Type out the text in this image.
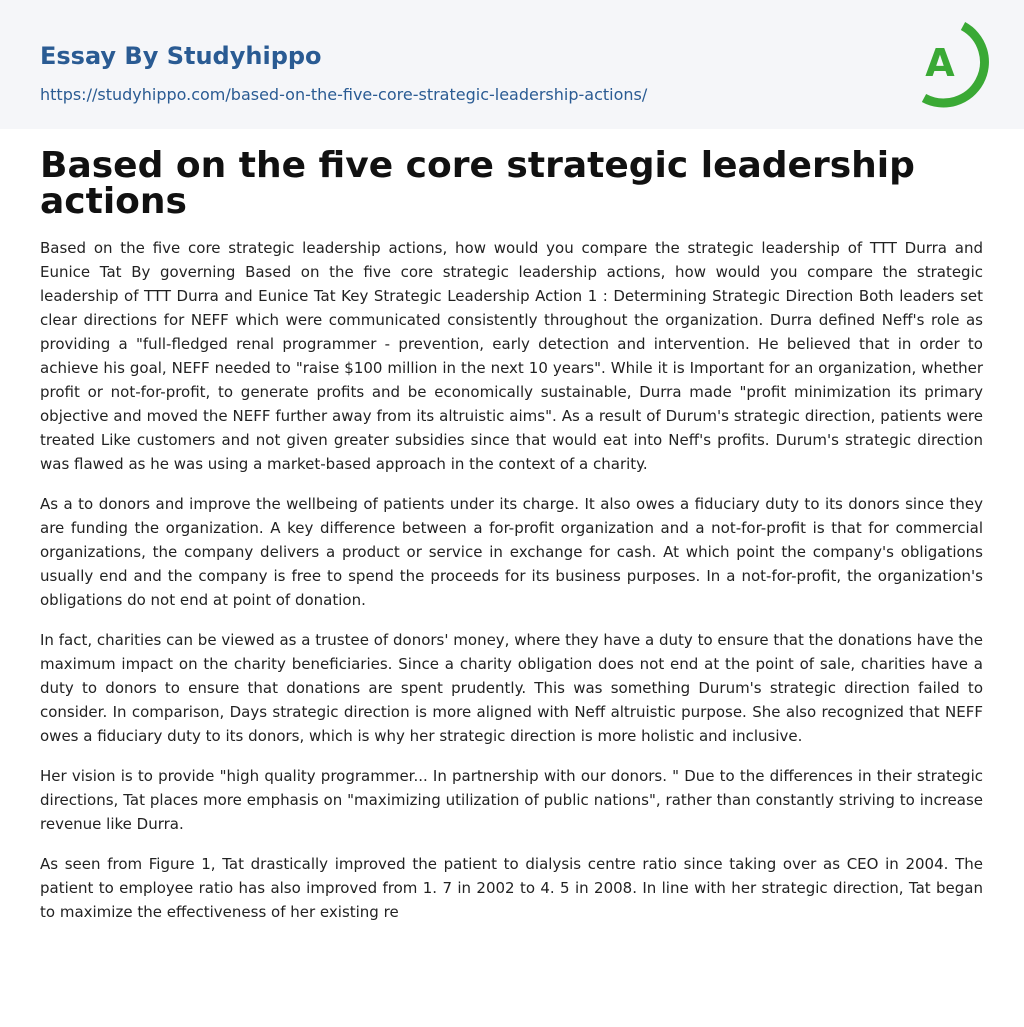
Essay By Studyhippo
https://studyhippo.com/based-on-the-five-core-strategic-leadership-actions/
A
Based on the five core strategic leadership actions

Based on the five core strategic leadership actions, how would you compare the strategic leadership of TTT Durra and Eunice Tat By governing Based on the five core strategic leadership actions, how would you compare the strategic leadership of TTT Durra and Eunice Tat Key Strategic Leadership Action 1 : Determining Strategic Direction Both leaders set clear directions for NEFF which were communicated consistently throughout the organization. Durra defined Neff's role as providing a "full-fledged renal programmer - prevention, early detection and intervention. He believed that in order to achieve his goal, NEFF needed to "raise $100 million in the next 10 years". While it is Important for an organization, whether profit or not-for-profit, to generate profits and be economically sustainable, Durra made "profit minimization its primary objective and moved the NEFF further away from its altruistic aims". As a result of Durum's strategic direction, patients were treated Like customers and not given greater subsidies since that would eat into Neff's profits. Durum's strategic direction was flawed as he was using a market-based approach in the context of a charity.

As a to donors and improve the wellbeing of patients under its charge. It also owes a fiduciary duty to its donors since they are funding the organization. A key difference between a for-profit organization and a not-for-profit is that for commercial organizations, the company delivers a product or service in exchange for cash. At which point the company's obligations usually end and the company is free to spend the proceeds for its business purposes. In a not-for-profit, the organization's obligations do not end at point of donation.

In fact, charities can be viewed as a trustee of donors' money, where they have a duty to ensure that the donations have the maximum impact on the charity beneficiaries. Since a charity obligation does not end at the point of sale, charities have a duty to donors to ensure that donations are spent prudently. This was something Durum's strategic direction failed to consider. In comparison, Days strategic direction is more aligned with Neff altruistic purpose. She also recognized that NEFF owes a fiduciary duty to its donors, which is why her strategic direction is more holistic and inclusive.

Her vision is to provide "high quality programmer... In partnership with our donors. " Due to the differences in their strategic directions, Tat places more emphasis on "maximizing utilization of public nations", rather than constantly striving to increase revenue like Durra.

As seen from Figure 1, Tat drastically improved the patient to dialysis centre ratio since taking over as CEO in 2004. The patient to employee ratio has also improved from 1. 7 in 2002 to 4. 5 in 2008. In line with her strategic direction, Tat began to maximize the effectiveness of her existing re
